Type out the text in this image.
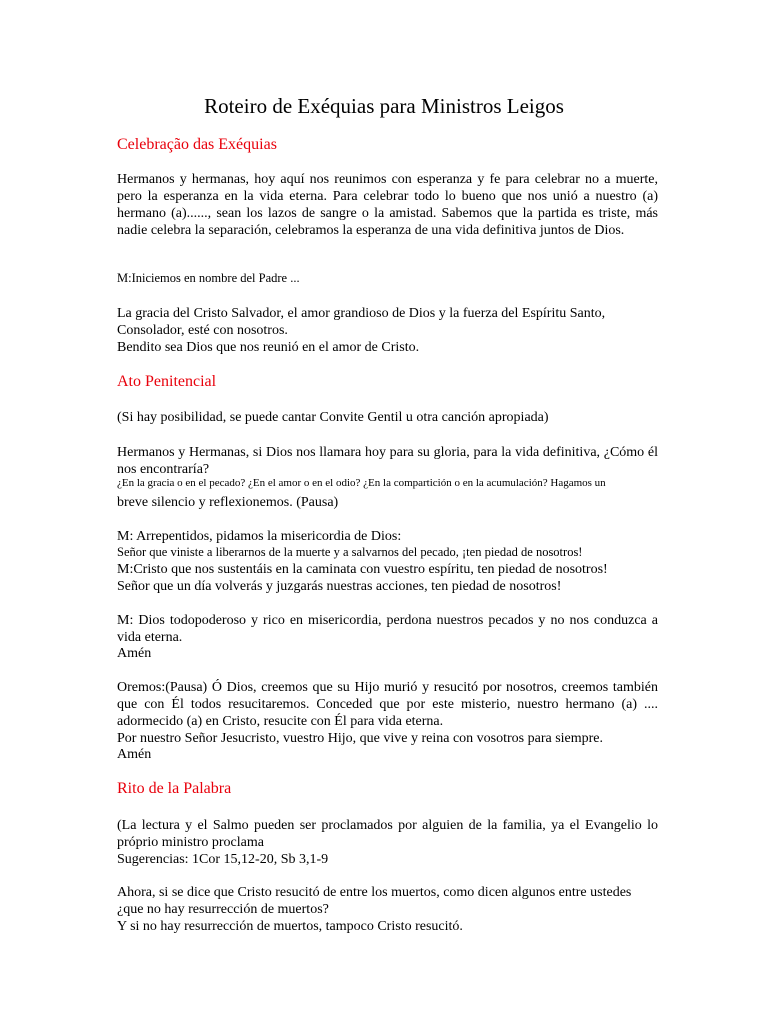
Roteiro de Exéquias para Ministros Leigos
Celebração das Exéquias
Hermanos y hermanas, hoy aquí nos reunimos con esperanza y fe para celebrar no a muerte, pero la esperanza en la vida eterna. Para celebrar todo lo bueno que nos unió a nuestro (a) hermano (a)......, sean los lazos de sangre o la amistad. Sabemos que la partida es triste, más nadie celebra la separación, celebramos la esperanza de una vida definitiva juntos de Dios.
M:Iniciemos en nombre del Padre ...
La gracia del Cristo Salvador, el amor grandioso de Dios y la fuerza del Espíritu Santo, Consolador, esté con nosotros.
Bendito sea Dios que nos reunió en el amor de Cristo.
Ato Penitencial
(Si hay posibilidad, se puede cantar Convite Gentil u otra canción apropiada)
Hermanos y Hermanas, si Dios nos llamara hoy para su gloria, para la vida definitiva, ¿Cómo él nos encontraría?
¿En la gracia o en el pecado? ¿En el amor o en el odio? ¿En la compartición o en la acumulación? Hagamos un
breve silencio y reflexionemos. (Pausa)
M: Arrepentidos, pidamos la misericordia de Dios:
Señor que viniste a liberarnos de la muerte y a salvarnos del pecado, ¡ten piedad de nosotros!
M:Cristo que nos sustentáis en la caminata con vuestro espíritu, ten piedad de nosotros!
Señor que un día volverás y juzgarás nuestras acciones, ten piedad de nosotros!
M: Dios todopoderoso y rico en misericordia, perdona nuestros pecados y no nos conduzca a vida eterna.
Amén
Oremos:(Pausa) Ó Dios, creemos que su Hijo murió y resucitó por nosotros, creemos también que con Él todos resucitaremos. Conceded que por este misterio, nuestro hermano (a) .... adormecido (a) en Cristo, resucite con Él para vida eterna.
Por nuestro Señor Jesucristo, vuestro Hijo, que vive y reina con vosotros para siempre.
Amén
Rito de la Palabra
(La lectura y el Salmo pueden ser proclamados por alguien de la familia, ya el Evangelio lo próprio ministro proclama
Sugerencias: 1Cor 15,12-20, Sb 3,1-9
Ahora, si se dice que Cristo resucitó de entre los muertos, como dicen algunos entre ustedes ¿que no hay resurrección de muertos?
Y si no hay resurrección de muertos, tampoco Cristo resucitó.
